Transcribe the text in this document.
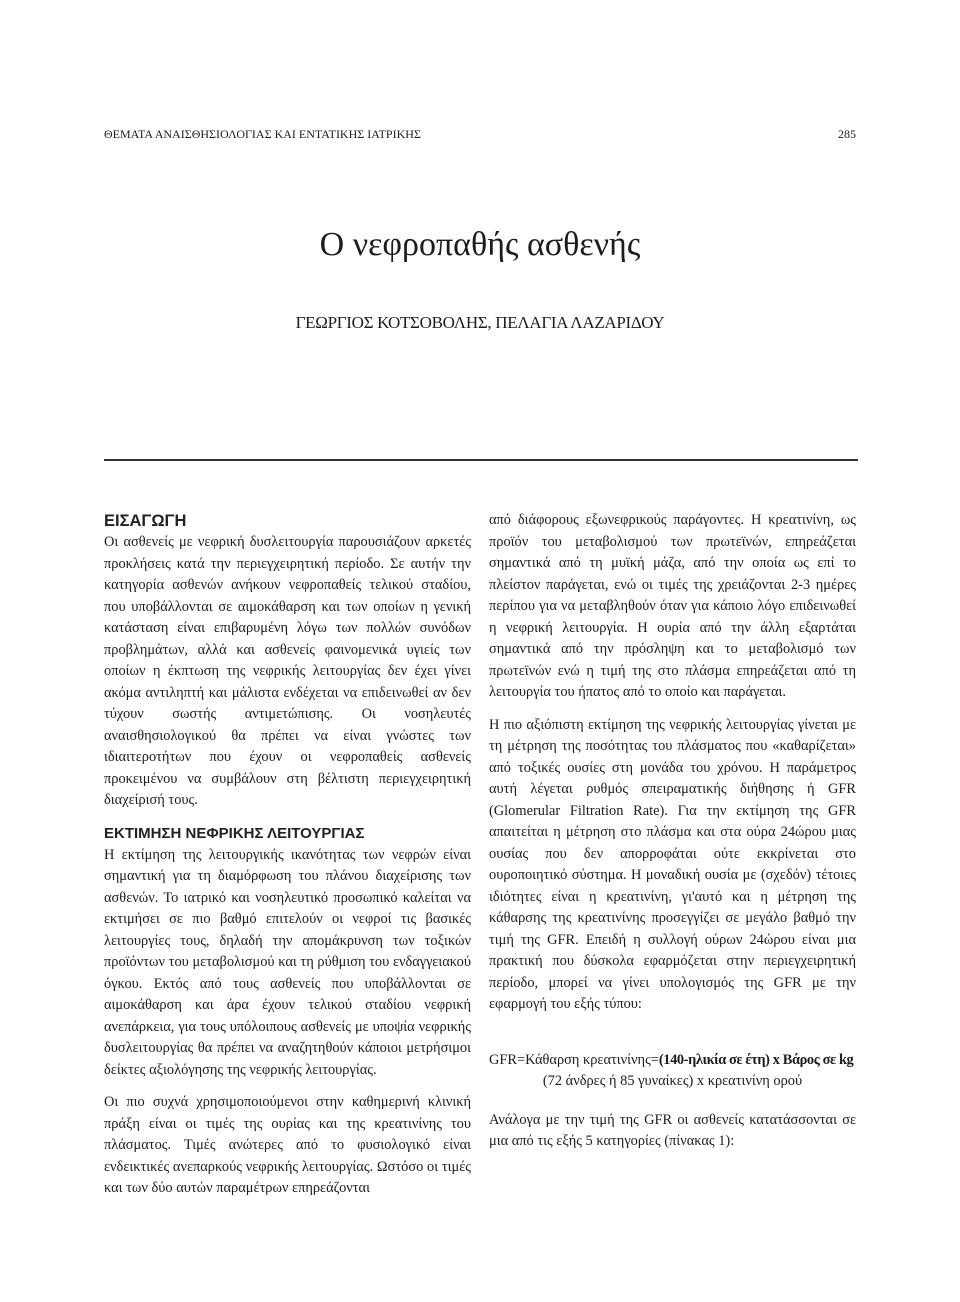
ΘΕΜΑΤΑ ΑΝΑΙΣΘΗΣΙΟΛΟΓΙΑΣ ΚΑΙ ΕΝΤΑΤΙΚΗΣ ΙΑΤΡΙΚΗΣ	285
Ο νεφροπαθής ασθενής
ΓΕΩΡΓΙΟΣ ΚΟΤΣΟΒΟΛΗΣ, ΠΕΛΑΓΙΑ ΛΑΖΑΡΙΔΟΥ
ΕΙΣΑΓΩΓΗ

Οι ασθενείς με νεφρική δυσλειτουργία παρουσιάζουν αρκετές προκλήσεις κατά την περιεγχειρητική περίοδο. Σε αυτήν την κατηγορία ασθενών ανήκουν νεφροπαθείς τελικού σταδίου, που υποβάλλονται σε αιμοκάθαρση και των οποίων η γενική κατάσταση είναι επιβαρυμένη λόγω των πολλών συνόδων προβλημάτων, αλλά και ασθενείς φαινομενικά υγιείς των οποίων η έκπτωση της νεφρικής λειτουργίας δεν έχει γίνει ακόμα αντιληπτή και μάλιστα ενδέχεται να επιδεινωθεί αν δεν τύχουν σωστής αντιμετώπισης. Οι νοσηλευτές αναισθησιολογικού θα πρέπει να είναι γνώστες των ιδιαιτεροτήτων που έχουν οι νεφροπαθείς ασθενείς προκειμένου να συμβάλουν στη βέλτιστη περιεγχειρητική διαχείρισή τους.

ΕΚΤΙΜΗΣΗ ΝΕΦΡΙΚΗΣ ΛΕΙΤΟΥΡΓΙΑΣ

Η εκτίμηση της λειτουργικής ικανότητας των νεφρών είναι σημαντική για τη διαμόρφωση του πλάνου διαχείρισης των ασθενών. Το ιατρικό και νοσηλευτικό προσωπικό καλείται να εκτιμήσει σε πιο βαθμό επιτελούν οι νεφροί τις βασικές λειτουργίες τους, δηλαδή την απομάκρυνση των τοξικών προϊόντων του μεταβολισμού και τη ρύθμιση του ενδαγγειακού όγκου. Εκτός από τους ασθενείς που υποβάλλονται σε αιμοκάθαρση και άρα έχουν τελικού σταδίου νεφρική ανεπάρκεια, για τους υπόλοιπους ασθενείς με υποψία νεφρικής δυσλειτουργίας θα πρέπει να αναζητηθούν κάποιοι μετρήσιμοι δείκτες αξιολόγησης της νεφρικής λειτουργίας.

Οι πιο συχνά χρησιμοποιούμενοι στην καθημερινή κλινική πράξη είναι οι τιμές της ουρίας και της κρεατινίνης του πλάσματος. Τιμές ανώτερες από το φυσιολογικό είναι ενδεικτικές ανεπαρκούς νεφρικής λειτουργίας. Ωστόσο οι τιμές και των δύο αυτών παραμέτρων επηρεάζονται

από διάφορους εξωνεφρικούς παράγοντες. Η κρεατινίνη, ως προϊόν του μεταβολισμού των πρωτεϊνών, επηρεάζεται σημαντικά από τη μυϊκή μάζα, από την οποία ως επί το πλείστον παράγεται, ενώ οι τιμές της χρειάζονται 2-3 ημέρες περίπου για να μεταβληθούν όταν για κάποιο λόγο επιδεινωθεί η νεφρική λειτουργία. Η ουρία από την άλλη εξαρτάται σημαντικά από την πρόσληψη και το μεταβολισμό των πρωτεϊνών ενώ η τιμή της στο πλάσμα επηρεάζεται από τη λειτουργία του ήπατος από το οποίο και παράγεται.

Η πιο αξιόπιστη εκτίμηση της νεφρικής λειτουργίας γίνεται με τη μέτρηση της ποσότητας του πλάσματος που «καθαρίζεται» από τοξικές ουσίες στη μονάδα του χρόνου. Η παράμετρος αυτή λέγεται ρυθμός σπειραματικής διήθησης ή GFR (Glomerular Filtration Rate). Για την εκτίμηση της GFR απαιτείται η μέτρηση στο πλάσμα και στα ούρα 24ώρου μιας ουσίας που δεν απορροφάται ούτε εκκρίνεται στο ουροποιητικό σύστημα. Η μοναδική ουσία με (σχεδόν) τέτοιες ιδιότητες είναι η κρεατινίνη, γι'αυτό και η μέτρηση της κάθαρσης της κρεατινίνης προσεγγίζει σε μεγάλο βαθμό την τιμή της GFR. Επειδή η συλλογή ούρων 24ώρου είναι μια πρακτική που δύσκολα εφαρμόζεται στην περιεγχειρητική περίοδο, μπορεί να γίνει υπολογισμός της GFR με την εφαρμογή του εξής τύπου:

GFR=Κάθαρση κρεατινίνης=(140-ηλικία σε έτη) x Βάρος σε kg
(72 άνδρες ή 85 γυναίκες) x κρεατινίνη ορού

Ανάλογα με την τιμή της GFR οι ασθενείς κατατάσσονται σε μια από τις εξής 5 κατηγορίες (πίνακας 1):
